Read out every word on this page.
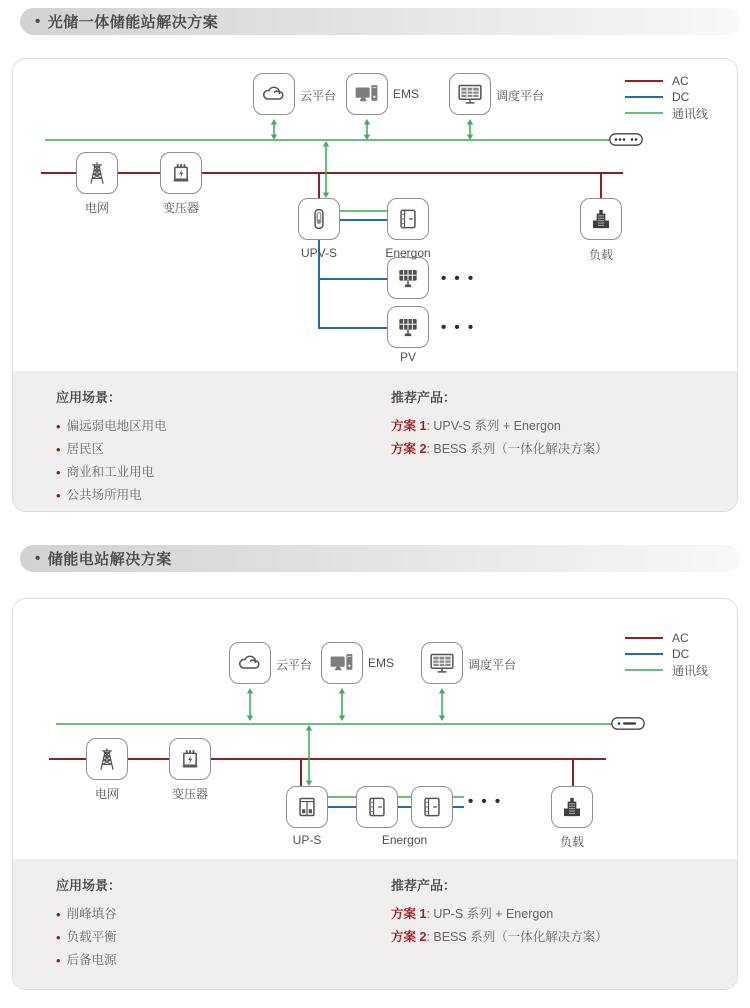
• 光储一体储能站解决方案
AC
DC
通讯线
云平台	EMS	调度平台
电网	变压器
UPV-S	Energon
• • •
• • •
PV
负载
应用场景：
• 偏远弱电地区用电
• 居民区
• 商业和工业用电
• 公共场所用电
推荐产品：
方案 1: UPV-S 系列 + Energon
方案 2: BESS 系列（一体化解决方案）
• 储能电站解决方案
AC
DC
通讯线
云平台	EMS	调度平台
电网	变压器
UP-S
• • •
Energon	负载
应用场景：
• 削峰填谷
• 负载平衡
• 后备电源
推荐产品：
方案 1: UP-S 系列 + Energon
方案 2: BESS 系列（一体化解决方案）
